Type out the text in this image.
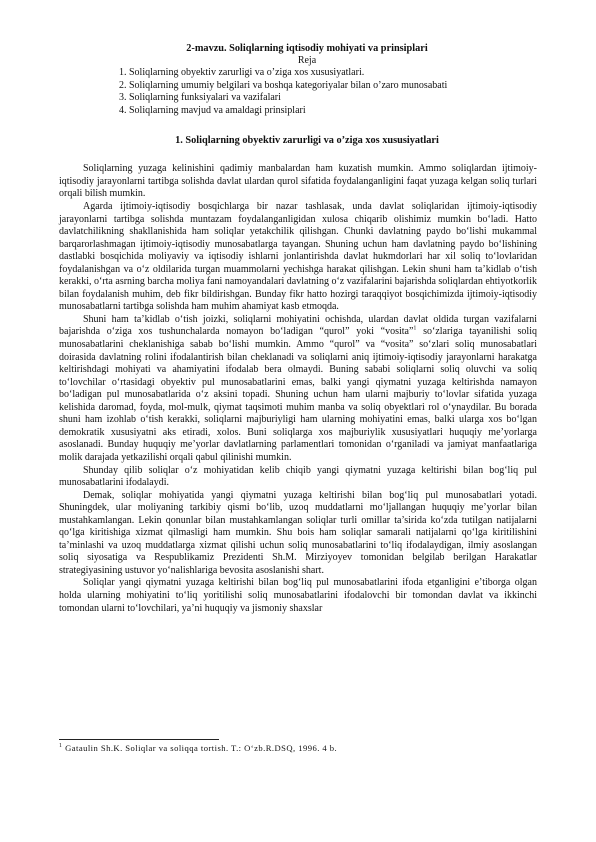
2-mavzu. Soliqlarning iqtisodiy mohiyati va prinsiplari

Reja

1. Soliqlarning obyektiv zarurligi va o’ziga xos xususiyatlari.
2. Soliqlarning umumiy belgilari va boshqa kategoriyalar bilan o’zaro munosabati
3. Soliqlarning funksiyalari va vazifalari
4. Soliqlarning mavjud va amaldagi prinsiplari

1. Soliqlarning obyektiv zarurligi va o’ziga xos xususiyatlari

Soliqlarning yuzaga kelinishini qadimiy manbalardan ham kuzatish mumkin. Ammo soliqlardan ijtimoiy-iqtisodiy jarayonlarni tartibga solishda davlat ulardan qurol sifatida foydalanganligini faqat yuzaga kelgan soliq turlari orqali bilish mumkin.

Agarda ijtimoiy-iqtisodiy bosqichlarga bir nazar tashlasak, unda davlat soliqlaridan ijtimoiy-iqtisodiy jarayonlarni tartibga solishda muntazam foydalanganligidan xulosa chiqarib olishimiz mumkin bo‘ladi. Hatto davlatchilikning shakllanishida ham soliqlar yetakchilik qilishgan. Chunki davlatning paydo bo‘lishi mukammal barqarorlashmagan ijtimoiy-iqtisodiy munosabatlarga tayangan. Shuning uchun ham davlatning paydo bo‘lishining dastlabki bosqichida moliyaviy va iqtisodiy ishlarni jonlantirishda davlat hukmdorlari har xil soliq to‘lovlaridan foydalanishgan va o‘z oldilarida turgan muammolarni yechishga harakat qilishgan. Lekin shuni ham ta’kidlab o‘tish kerakki, o‘rta asrning barcha moliya fani namoyandalari davlatning o‘z vazifalarini bajarishda soliqlardan ehtiyotkorlik bilan foydalanish muhim, deb fikr bildirishgan. Bunday fikr hatto hozirgi taraqqiyot bosqichimizda ijtimoiy-iqtisodiy munosabatlarni tartibga solishda ham muhim ahamiyat kasb etmoqda.

Shuni ham ta’kidlab o‘tish joizki, soliqlarni mohiyatini ochishda, ulardan davlat oldida turgan vazifalarni bajarishda o‘ziga xos tushunchalarda nomayon bo‘ladigan “qurol” yoki “vosita”$^1$ so‘zlariga tayanilishi soliq munosabatlarini cheklanishiga sabab bo‘lishi mumkin. Ammo “qurol” va “vosita” so‘zlari soliq munosabatlari doirasida davlatning rolini ifodalantirish bilan cheklanadi va soliqlarni aniq ijtimoiy-iqtisodiy jarayonlarni harakatga keltirishdagi mohiyati va ahamiyatini ifodalab bera olmaydi. Buning sababi soliqlarni soliq oluvchi va soliq to‘lovchilar o‘rtasidagi obyektiv pul munosabatlarini emas, balki yangi qiymatni yuzaga keltirishda namayon bo‘ladigan pul munosabatlarida o‘z aksini topadi. Shuning uchun ham ularni majburiy to‘lovlar sifatida yuzaga kelishida daromad, foyda, mol-mulk, qiymat taqsimoti muhim manba va soliq obyektlari rol o‘ynaydilar. Bu borada shuni ham izohlab o‘tish kerakki, soliqlarni majburiyligi ham ularning mohiyatini emas, balki ularga xos bo‘lgan demokratik xususiyatni aks etiradi, xolos. Buni soliqlarga xos majburiylik xususiyatlari huquqiy me’yorlarga asoslanadi. Bunday huquqiy me’yorlar davlatlarning parlamentlari tomonidan o‘rganiladi va jamiyat manfaatlariga molik darajada yetkazilishi orqali qabul qilinishi mumkin.

Shunday qilib soliqlar o‘z mohiyatidan kelib chiqib yangi qiymatni yuzaga keltirishi bilan bog‘liq pul munosabatlarini ifodalaydi.

Demak, soliqlar mohiyatida yangi qiymatni yuzaga keltirishi bilan bog‘liq pul munosabatlari yotadi. Shuningdek, ular moliyaning tarkibiy qismi bo‘lib, uzoq muddatlarni mo‘ljallangan huquqiy me’yorlar bilan mustahkamlangan. Lekin qonunlar bilan mustahkamlangan soliqlar turli omillar ta’sirida ko‘zda tutilgan natijalarni qo‘lga kiritishiga xizmat qilmasligi ham mumkin. Shu bois ham soliqlar samarali natijalarni qo‘lga kiritilishini ta’minlashi va uzoq muddatlarga xizmat qilishi uchun soliq munosabatlarini to‘liq ifodalaydigan, ilmiy asoslangan soliq siyosatiga va Respublikamiz Prezidenti Sh.M. Mirziyoyev tomonidan belgilab berilgan Harakatlar strategiyasining ustuvor yo‘nalishlariga bevosita asoslanishi shart.

Soliqlar yangi qiymatni yuzaga keltirishi bilan bog‘liq pul munosabatlarini ifoda etganligini e’tiborga olgan holda ularning mohiyatini to‘liq yoritilishi soliq munosabatlarini ifodalovchi bir tomondan davlat va ikkinchi tomondan ularni to‘lovchilari, ya’ni huquqiy va jismoniy shaxslar

$^1$ Gataulin Sh.K. Soliqlar va soliqqa tortish. T.: O‘zb.R.DSQ, 1996. 4 b.
